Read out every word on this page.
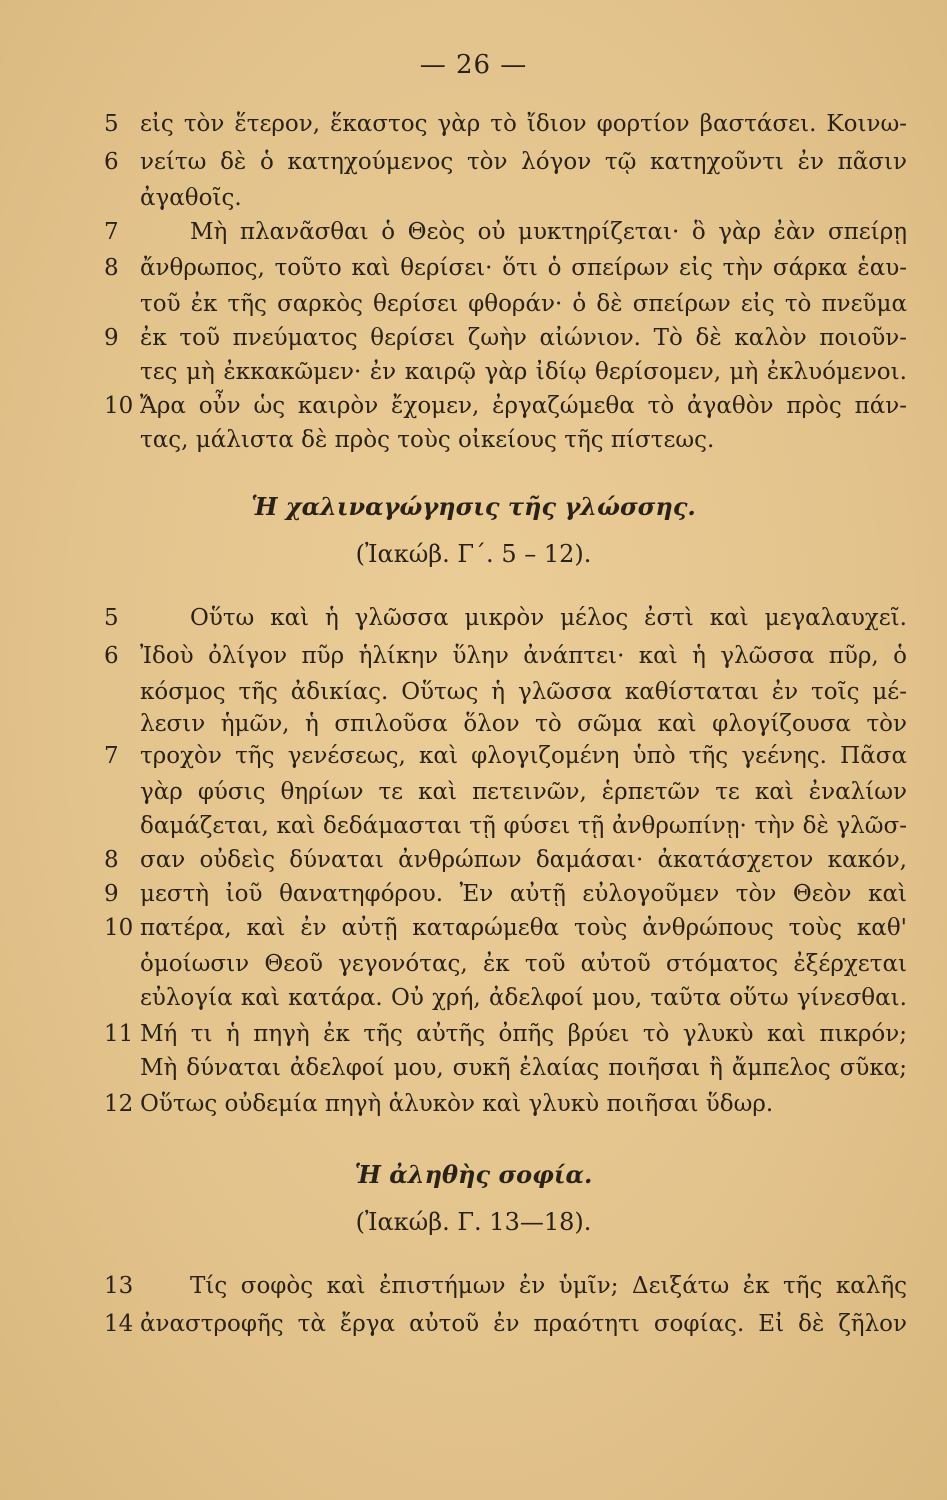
— 26 —
5 εἰς τὸν ἕτερον, ἕκαστος γὰρ τὸ ἴδιον φορτίον βαστάσει. Κοινω-
6 νείτω δὲ ὁ κατηχούμενος τὸν λόγον τῷ κατηχοῦντι ἐν πᾶσιν
ἀγαθοῖς.
7	Μὴ πλανᾶσθαι ὁ Θεὸς οὐ μυκτηρίζεται· ὃ γὰρ ἐὰν σπείρῃ
8 ἄνθρωπος, τοῦτο καὶ θερίσει· ὅτι ὁ σπείρων εἰς τὴν σάρκα ἑαυ-
τοῦ ἐκ τῆς σαρκὸς θερίσει φθοράν· ὁ δὲ σπείρων εἰς τὸ πνεῦμα
9 ἐκ τοῦ πνεύματος θερίσει ζωὴν αἰώνιον. Τὸ δὲ καλὸν ποιοῦν-
τες μὴ ἐκκακῶμεν· ἐν καιρῷ γὰρ ἰδίῳ θερίσομεν, μὴ ἐκλυόμενοι.
10 Ἄρα οὖν ὡς καιρὸν ἔχομεν, ἐργαζώμεθα τὸ ἀγαθὸν πρὸς πάν-
τας, μάλιστα δὲ πρὸς τοὺς οἰκείους τῆς πίστεως.
Ἡ χαλιναγώγησις τῆς γλώσσης.
(Ἰακώβ. Γ΄. 5 – 12).
5	Οὕτω καὶ ἡ γλῶσσα μικρὸν μέλος ἐστὶ καὶ μεγαλαυχεῖ.
6 Ἰδοὺ ὀλίγον πῦρ ἡλίκην ὕλην ἀνάπτει· καὶ ἡ γλῶσσα πῦρ, ὁ
κόσμος τῆς ἀδικίας. Οὕτως ἡ γλῶσσα καθίσταται ἐν τοῖς μέ-
λεσιν ἡμῶν, ἡ σπιλοῦσα ὅλον τὸ σῶμα καὶ φλογίζουσα τὸν
7 τροχὸν τῆς γενέσεως, καὶ φλογιζομένη ὑπὸ τῆς γεένης. Πᾶσα
γὰρ φύσις θηρίων τε καὶ πετεινῶν, ἑρπετῶν τε καὶ ἐναλίων
δαμάζεται, καὶ δεδάμασται τῇ φύσει τῇ ἀνθρωπίνῃ· τὴν δὲ γλῶσ-
8 σαν οὐδεὶς δύναται ἀνθρώπων δαμάσαι· ἀκατάσχετον κακόν,
9 μεστὴ ἰοῦ θανατηφόρου. Ἐν αὐτῇ εὐλογοῦμεν τὸν Θεὸν καὶ
10 πατέρα, καὶ ἐν αὐτῇ καταρώμεθα τοὺς ἀνθρώπους τοὺς καθ'
ὁμοίωσιν Θεοῦ γεγονότας, ἐκ τοῦ αὐτοῦ στόματος ἐξέρχεται
εὐλογία καὶ κατάρα. Οὐ χρή, ἀδελφοί μου, ταῦτα οὕτω γίνεσθαι.
11 Μή τι ἡ πηγὴ ἐκ τῆς αὐτῆς ὀπῆς βρύει τὸ γλυκὺ καὶ πικρόν;
Μὴ δύναται ἀδελφοί μου, συκῆ ἐλαίας ποιῆσαι ἢ ἄμπελος σῦκα;
12 Οὕτως οὐδεμία πηγὴ ἁλυκὸν καὶ γλυκὺ ποιῆσαι ὕδωρ.
Ἡ ἀληθὴς σοφία.
(Ἰακώβ. Γ. 13—18).
13 Τίς σοφὸς καὶ ἐπιστήμων ἐν ὑμῖν; Δειξάτω ἐκ τῆς καλῆς
14 ἀναστροφῆς τὰ ἔργα αὐτοῦ ἐν πραότητι σοφίας. Εἰ δὲ ζῆλον
